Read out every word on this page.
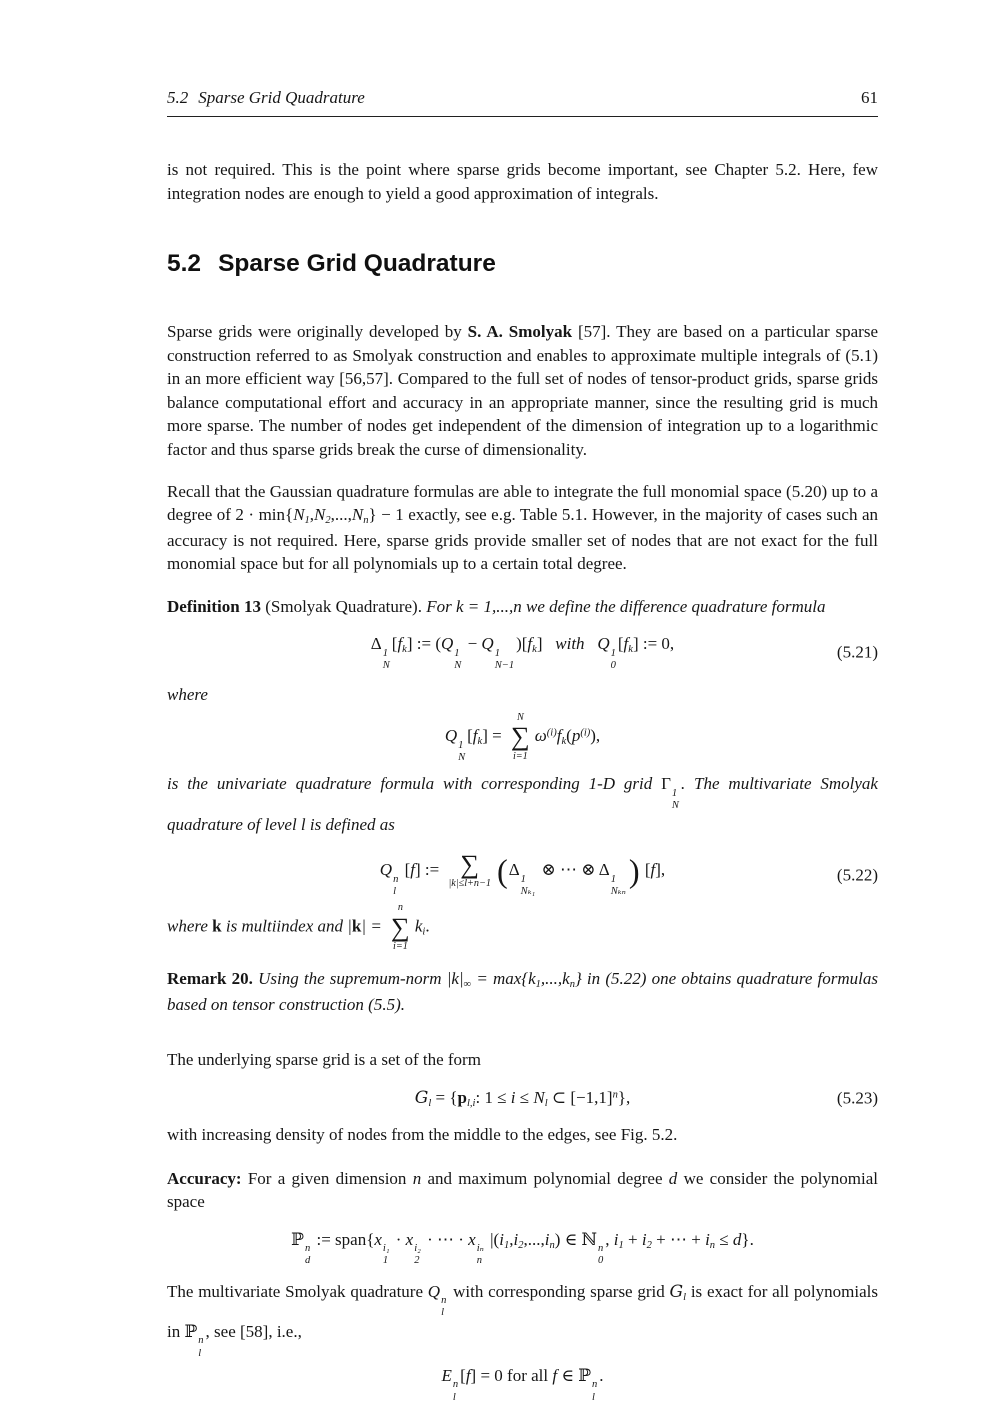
5.2 Sparse Grid Quadrature	61

is not required. This is the point where sparse grids become important, see Chapter 5.2. Here, few integration nodes are enough to yield a good approximation of integrals.

5.2 Sparse Grid Quadrature

Sparse grids were originally developed by S. A. Smolyak [57]. They are based on a particular sparse construction referred to as Smolyak construction and enables to approximate multiple integrals of (5.1) in an more efficient way [56,57]. Compared to the full set of nodes of tensor-product grids, sparse grids balance computational effort and accuracy in an appropriate manner, since the resulting grid is much more sparse. The number of nodes get independent of the dimension of integration up to a logarithmic factor and thus sparse grids break the curse of dimensionality.

Recall that the Gaussian quadrature formulas are able to integrate the full monomial space (5.20) up to a degree of 2 · min{N1,N2,...,Nn} − 1 exactly, see e.g. Table 5.1. However, in the majority of cases such an accuracy is not required. Here, sparse grids provide smaller set of nodes that are not exact for the full monomial space but for all polynomials up to a certain total degree.

Definition 13 (Smolyak Quadrature). For k = 1,...,n we define the difference quadrature formula

Δ 1
N
[fk] := (Q 1
N
− Q 1
N−1
)[fk]  with  Q 1
0
[fk] := 0,	(5.21)

where

Q 1
N
[fk] =
N
∑
i=1
$\omega^{(i)}fk(p^{(i)})$,

is the univariate quadrature formula with corresponding 1-D grid Γ 1
N
. The multivariate Smolyak quadrature of level l is defined as

Q n
l
[f] := ∑
|k|≤l+n−1 (Δ 1
Nₖ₁
⊗ ⋯ ⊗ Δ 1
Nₖₙ
) [f],	(5.22)

where k is multiindex and |k| =
n
∑
i=1
ki.

Remark 20. Using the supremum-norm |k|∞ = max{k1,...,kn} in (5.22) one obtains quadrature formulas based on tensor construction (5.5).

The underlying sparse grid is a set of the form

Gl = {pl,i: 1 ≤ i ≤ Nl ⊂ $[-1,1]^n$},	(5.23)

with increasing density of nodes from the middle to the edges, see Fig. 5.2.

Accuracy: For a given dimension n and maximum polynomial degree d we consider the polynomial space

ℙ n
d
:= span{x i₁
1
· x i₂
2
· ⋯ · x iₙ
n
|(i1,i2,...,in) ∈ ℕ n
0
, i1 + i2 + ⋯ + in ≤ d}.

The multivariate Smolyak quadrature Q n
l
with corresponding sparse grid Gl is exact for all polynomials in ℙ n
l
, see [58], i.e.,

E n
l
[f] = 0 for all f ∈ ℙ n
l
.
